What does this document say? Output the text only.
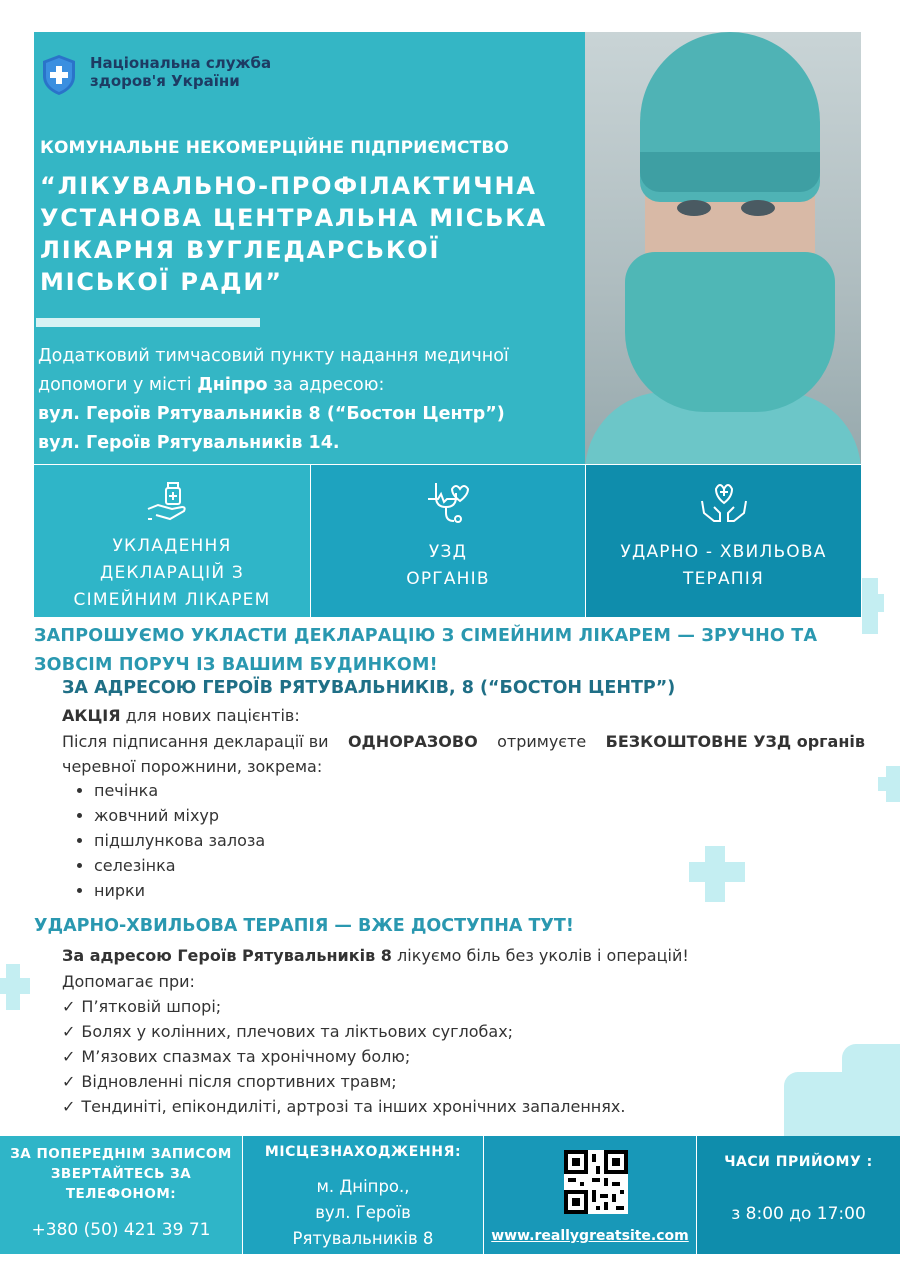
Національна служба
здоров'я України
КОМУНАЛЬНЕ НЕКОМЕРЦІЙНЕ ПІДПРИЄМСТВО
“ЛІКУВАЛЬНО-ПРОФІЛАКТИЧНА УСТАНОВА ЦЕНТРАЛЬНА МІСЬКА ЛІКАРНЯ ВУГЛЕДАРСЬКОЇ МІСЬКОЇ РАДИ”
Додатковий тимчасовий пункту надання медичної
допомоги у місті Дніпро за адресою:
вул. Героїв Рятувальників 8 (“Бостон Центр”)
вул. Героїв Рятувальників 14.
УКЛАДЕННЯ
ДЕКЛАРАЦІЙ З
СІМЕЙНИМ ЛІКАРЕМ
УЗД
ОРГАНІВ
УДАРНО - ХВИЛЬОВА
ТЕРАПІЯ
ЗАПРОШУЄМО УКЛАСТИ ДЕКЛАРАЦІЮ З СІМЕЙНИМ ЛІКАРЕМ — ЗРУЧНО ТА
ЗОВСІМ ПОРУЧ ІЗ ВАШИМ БУДИНКОМ!
ЗА АДРЕСОЮ ГЕРОЇВ РЯТУВАЛЬНИКІВ, 8 (“БОСТОН ЦЕНТР”)
АКЦІЯ для нових пацієнтів:
Після підписання декларації ви ОДНОРАЗОВО отримуєте БЕЗКОШТОВНЕ УЗД органів
черевної порожнини, зокрема:
• печінка
• жовчний міхур
• підшлункова залоза
• селезінка
• нирки
УДАРНО-ХВИЛЬОВА ТЕРАПІЯ — ВЖЕ ДОСТУПНА ТУТ!
За адресою Героїв Рятувальників 8 лікуємо біль без уколів і операцій!
Допомагає при:
✓ П’ятковій шпорі;
✓ Болях у колінних, плечових та ліктьових суглобах;
✓ М’язових спазмах та хронічному болю;
✓ Відновленні після спортивних травм;
✓ Тендиніті, епікондиліті, артрозі та інших хронічних запаленнях.
ЗА ПОПЕРЕДНІМ ЗАПИСОМ
ЗВЕРТАЙТЕСЬ ЗА
ТЕЛЕФОНОМ:
+380 (50) 421 39 71
МІСЦЕЗНАХОДЖЕННЯ:
м. Дніпро.,
вул. Героїв
Рятувальників 8	www.reallygreatsite.com
ЧАСИ ПРИЙОМУ :
з 8:00 до 17:00
